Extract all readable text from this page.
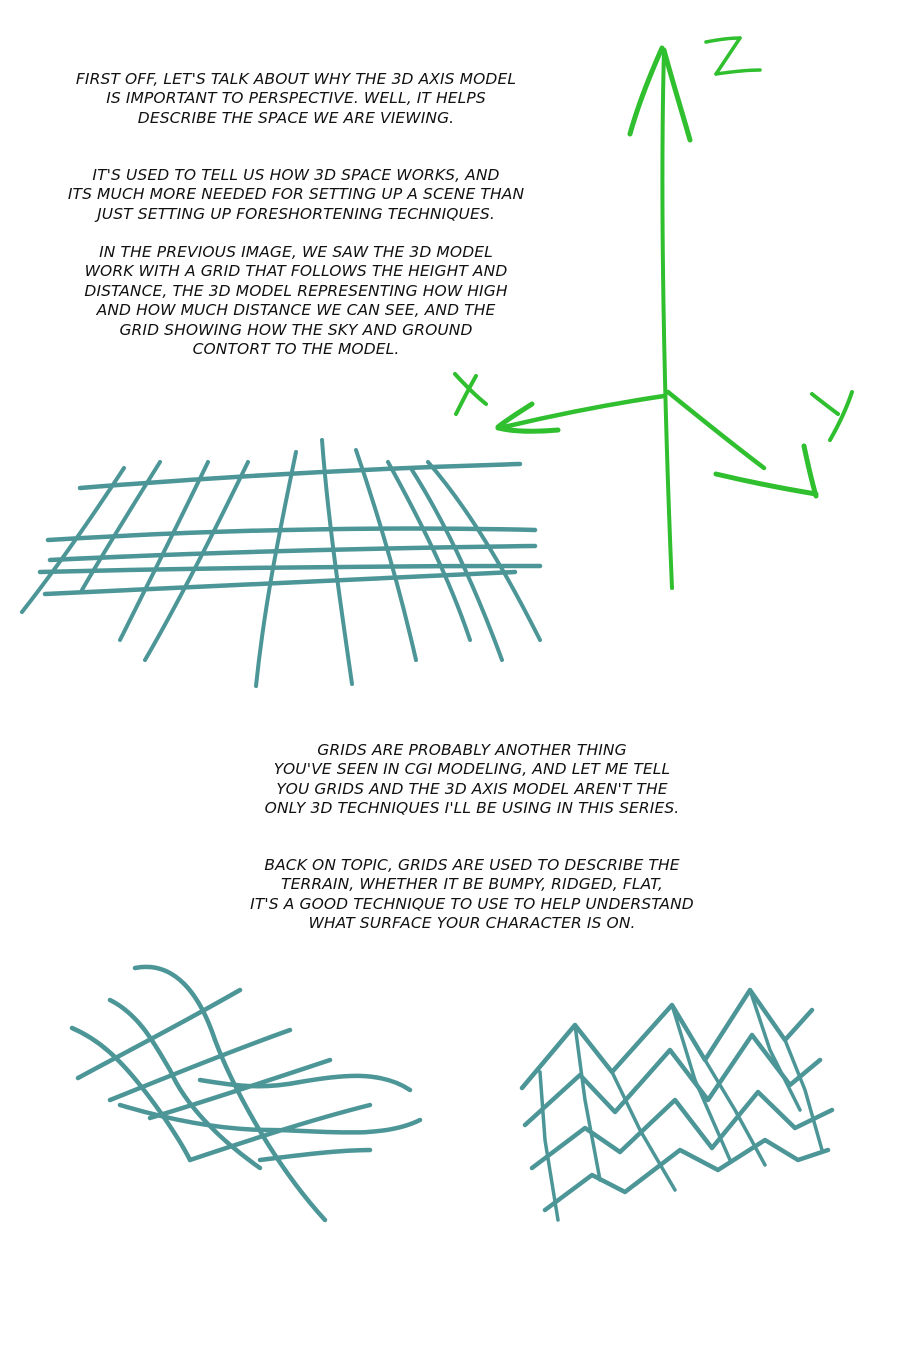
FIRST OFF, LET'S TALK ABOUT WHY THE 3D AXIS MODEL
IS IMPORTANT TO PERSPECTIVE. WELL, IT HELPS
DESCRIBE THE SPACE WE ARE VIEWING.

IT'S USED TO TELL US HOW 3D SPACE WORKS, AND
ITS MUCH MORE NEEDED FOR SETTING UP A SCENE THAN
JUST SETTING UP FORESHORTENING TECHNIQUES.

IN THE PREVIOUS IMAGE, WE SAW THE 3D MODEL
WORK WITH A GRID THAT FOLLOWS THE HEIGHT AND
DISTANCE, THE 3D MODEL REPRESENTING HOW HIGH
AND HOW MUCH DISTANCE WE CAN SEE, AND THE
GRID SHOWING HOW THE SKY AND GROUND
CONTORT TO THE MODEL.

GRIDS ARE PROBABLY ANOTHER THING
YOU'VE SEEN IN CGI MODELING, AND LET ME TELL
YOU GRIDS AND THE 3D AXIS MODEL AREN'T THE
ONLY 3D TECHNIQUES I'LL BE USING IN THIS SERIES.

BACK ON TOPIC, GRIDS ARE USED TO DESCRIBE THE
TERRAIN, WHETHER IT BE BUMPY, RIDGED, FLAT,
IT'S A GOOD TECHNIQUE TO USE TO HELP UNDERSTAND
WHAT SURFACE YOUR CHARACTER IS ON.
